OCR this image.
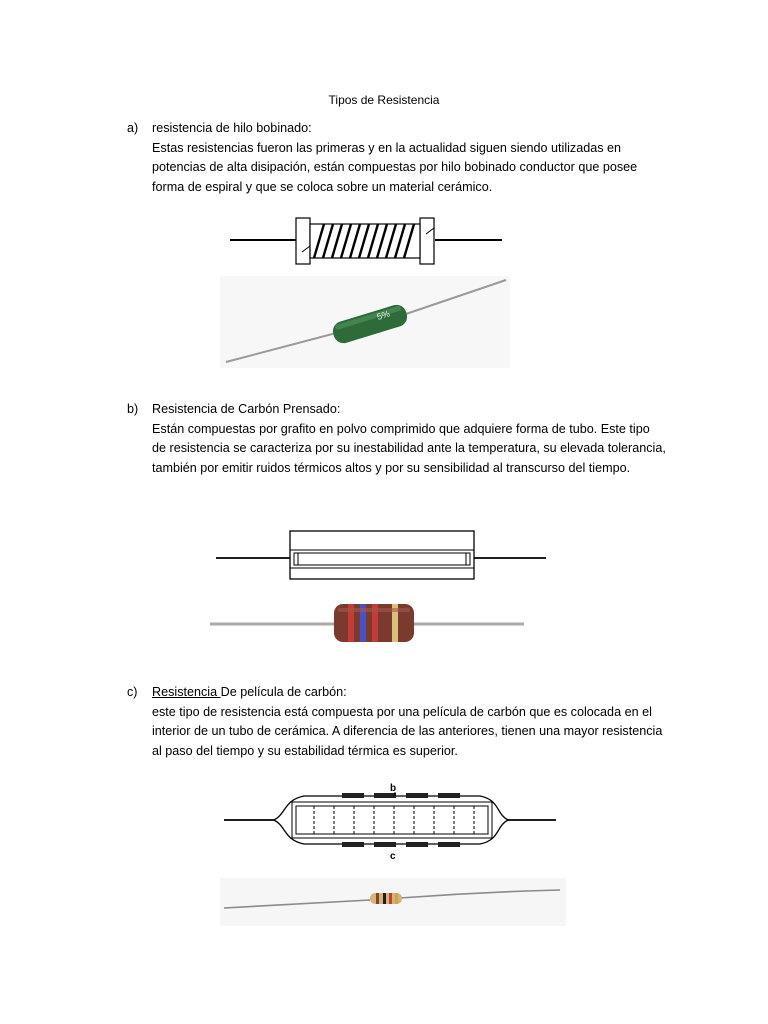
Tipos de Resistencia
a)	resistencia de hilo bobinado:
Estas resistencias fueron las primeras y en la actualidad siguen siendo utilizadas en potencias de alta disipación, están compuestas por hilo bobinado conductor que posee forma de espiral y que se coloca sobre un material cerámico.
5%
b)	Resistencia de Carbón Prensado:
Están compuestas por grafito en polvo comprimido que adquiere forma de tubo. Este tipo de resistencia se caracteriza por su inestabilidad ante la temperatura, su elevada tolerancia, también por emitir ruidos térmicos altos y por su sensibilidad al transcurso del tiempo.
c)	Resistencia De película de carbón:
este tipo de resistencia está compuesta por una película de carbón que es colocada en el interior de un tubo de cerámica. A diferencia de las anteriores, tienen una mayor resistencia al paso del tiempo y su estabilidad térmica es superior.
b
c
